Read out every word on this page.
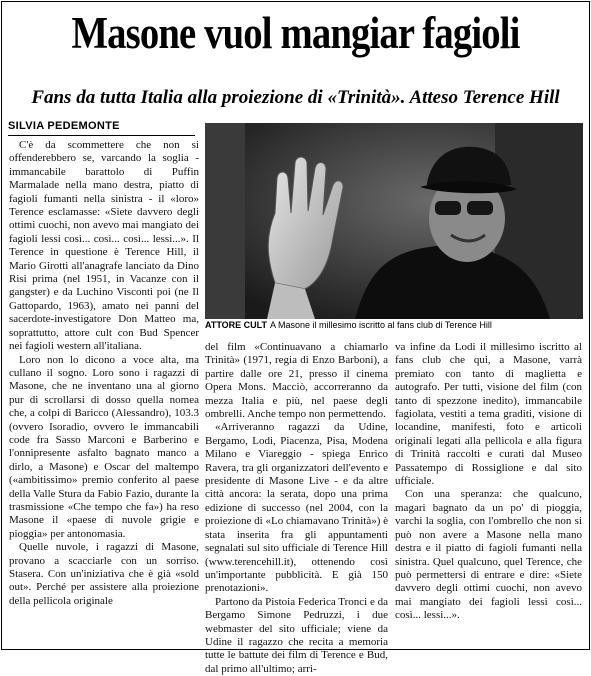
Masone vuol mangiar fagioli
Fans da tutta Italia alla proiezione di «Trinità». Atteso Terence Hill
SILVIA PEDEMONTE

C'è da scommettere che non si offenderebbero se, varcando la soglia - immancabile barattolo di Puffin Marmalade nella mano destra, piatto di fagioli fumanti nella sinistra - il «loro» Terence esclamasse: «Siete davvero degli ottimi cuochi, non avevo mai mangiato dei fagioli lessi così... così... così... lessi...». Il Terence in questione è Terence Hill, il Mario Girotti all'anagrafe lanciato da Dino Risi prima (nel 1951, in Vacanze con il gangster) e da Luchino Visconti poi (ne Il Gattopardo, 1963), amato nei panni del sacerdote-investigatore Don Matteo ma, soprattutto, attore cult con Bud Spencer nei fagioli western all'italiana.

Loro non lo dicono a voce alta, ma cullano il sogno. Loro sono i ragazzi di Masone, che ne inventano una al giorno pur di scrollarsi di dosso quella nomea che, a colpi di Baricco (Alessandro), 103.3 (ovvero Isoradio, ovvero le immancabili code fra Sasso Marconi e Barberino e l'onnipresente asfalto bagnato manco a dirlo, a Masone) e Oscar del maltempo («ambitissimo» premio conferito al paese della Valle Stura da Fabio Fazio, durante la trasmissione «Che tempo che fa») ha reso Masone il «paese di nuvole grigie e pioggia» per antonomasia.

Quelle nuvole, i ragazzi di Masone, provano a scacciarle con un sorriso. Stasera. Con un'iniziativa che è già «sold out». Perché per assistere alla proiezione della pellicola originale

ATTORE CULT A Masone il millesimo iscritto al fans club di Terence Hill

del film «Continuavano a chiamarlo Trinità» (1971, regia di Enzo Barboni), a partire dalle ore 21, presso il cinema Opera Mons. Macciò, accorreranno da mezza Italia e più, nel paese degli ombrelli. Anche tempo non permettendo.

«Arriveranno ragazzi da Udine, Bergamo, Lodi, Piacenza, Pisa, Modena Milano e Viareggio - spiega Enrico Ravera, tra gli organizzatori dell'evento e presidente di Masone Live - e da altre città ancora: la serata, dopo una prima edizione di successo (nel 2004, con la proiezione di «Lo chiamavano Trinità») è stata inserita fra gli appuntamenti segnalati sul sito ufficiale di Terence Hill (www.terencehill.it), ottenendo così un'importante pubblicità. E già 150 prenotazioni».

Partono da Pistoia Federica Tronci e da Bergamo Simone Pedruzzi, i due webmaster del sito ufficiale; viene da Udine il ragazzo che recita a memoria tutte le battute dei film di Terence e Bud, dal primo all'ultimo; arri-

va infine da Lodi il millesimo iscritto al fans club che qui, a Masone, varrà premiato con tanto di maglietta e autografo. Per tutti, visione del film (con tanto di spezzone inedito), immancabile fagiolata, vestiti a tema graditi, visione di locandine, manifesti, foto e articoli originali legati alla pellicola e alla figura di Trinità raccolti e curati dal Museo Passatempo di Rossiglione e dal sito ufficiale.

Con una speranza: che qualcuno, magari bagnato da un po' di pioggia, varchi la soglia, con l'ombrello che non si può non avere a Masone nella mano destra e il piatto di fagioli fumanti nella sinistra. Quel qualcuno, quel Terence, che può permettersi di entrare e dire: «Siete davvero degli ottimi cuochi, non avevo mai mangiato dei fagioli lessi così... così... lessi...».
